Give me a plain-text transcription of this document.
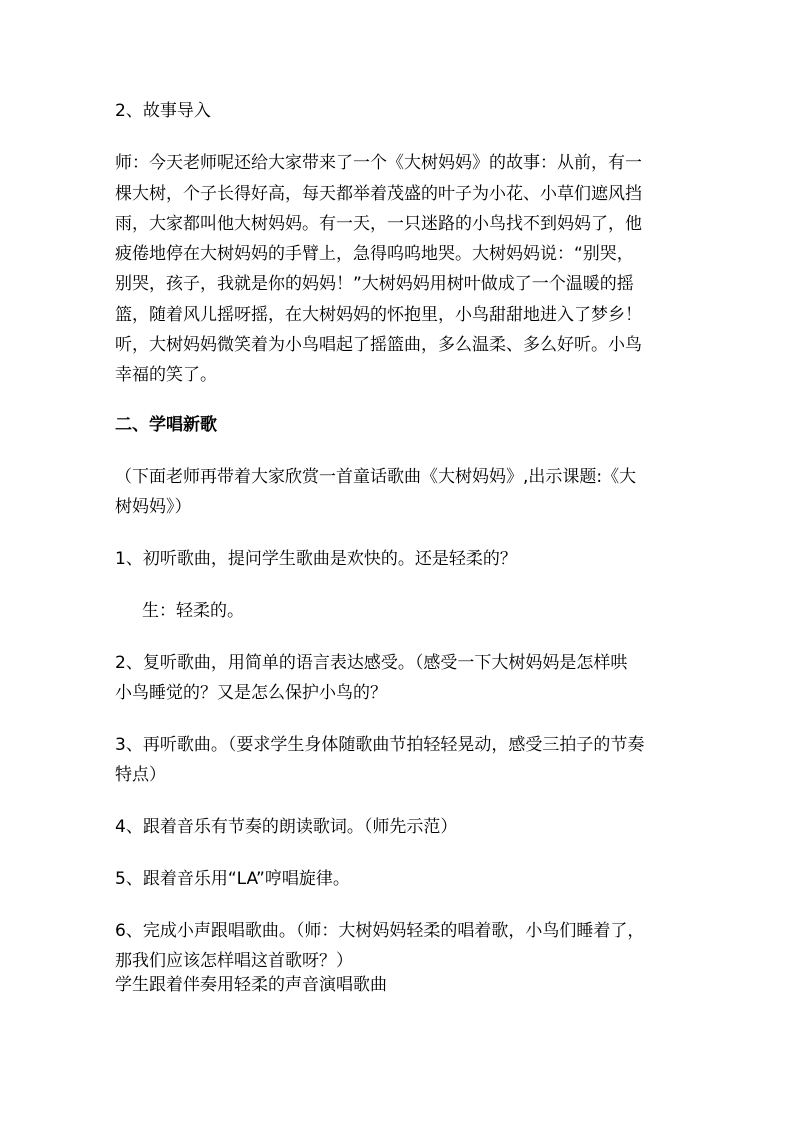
2、故事导入
师：今天老师呢还给大家带来了一个《大树妈妈》的故事：从前，有一
棵大树，个子长得好高，每天都举着茂盛的叶子为小花、小草们遮风挡
雨，大家都叫他大树妈妈。有一天，一只迷路的小鸟找不到妈妈了，他
疲倦地停在大树妈妈的手臂上，急得呜呜地哭。大树妈妈说：“别哭，
别哭，孩子，我就是你的妈妈！”大树妈妈用树叶做成了一个温暖的摇
篮，随着风儿摇呀摇，在大树妈妈的怀抱里，小鸟甜甜地进入了梦乡！
听，大树妈妈微笑着为小鸟唱起了摇篮曲，多么温柔、多么好听。小鸟
幸福的笑了。
二、学唱新歌
（下面老师再带着大家欣赏一首童话歌曲《大树妈妈》,出示课题:《大
树妈妈》）
1、初听歌曲，提问学生歌曲是欢快的。还是轻柔的？
生：轻柔的。
2、复听歌曲，用简单的语言表达感受。（感受一下大树妈妈是怎样哄
小鸟睡觉的？又是怎么保护小鸟的？
3、再听歌曲。（要求学生身体随歌曲节拍轻轻晃动，感受三拍子的节奏
特点）
4、跟着音乐有节奏的朗读歌词。（师先示范）
5、跟着音乐用“LA”哼唱旋律。
6、完成小声跟唱歌曲。（师：大树妈妈轻柔的唱着歌，小鸟们睡着了，
那我们应该怎样唱这首歌呀？）
学生跟着伴奏用轻柔的声音演唱歌曲
